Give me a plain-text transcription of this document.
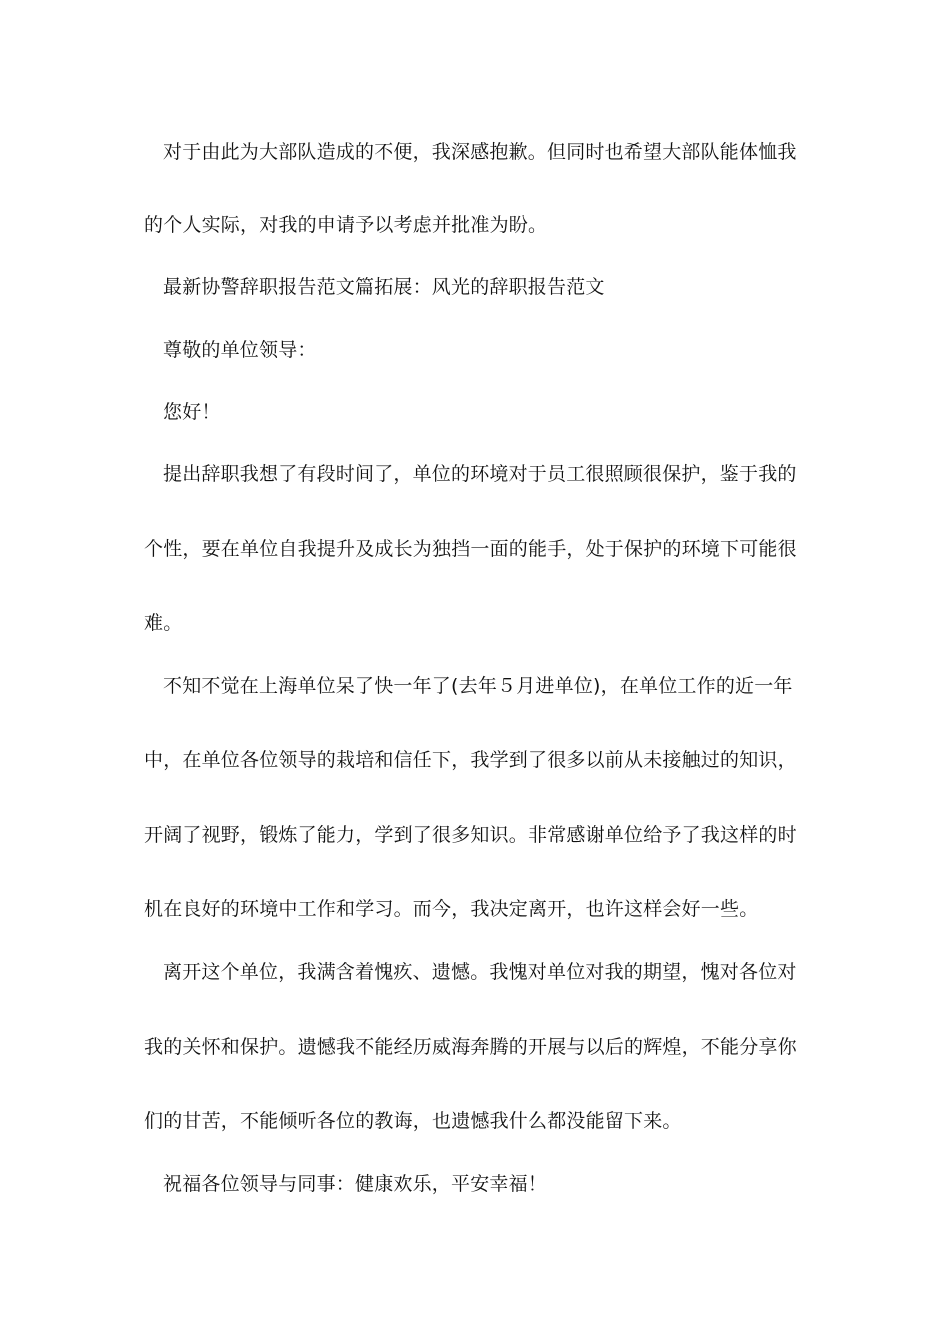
对于由此为大部队造成的不便，我深感抱歉。但同时也希望大部队能体恤我
的个人实际，对我的申请予以考虑并批准为盼。
最新协警辞职报告范文篇拓展：风光的辞职报告范文
尊敬的单位领导：
您好！
提出辞职我想了有段时间了，单位的环境对于员工很照顾很保护，鉴于我的
个性，要在单位自我提升及成长为独挡一面的能手，处于保护的环境下可能很
难。
不知不觉在上海单位呆了快一年了(去年５月进单位)，在单位工作的近一年
中，在单位各位领导的栽培和信任下，我学到了很多以前从未接触过的知识，
开阔了视野，锻炼了能力，学到了很多知识。非常感谢单位给予了我这样的时
机在良好的环境中工作和学习。而今，我决定离开，也许这样会好一些。
离开这个单位，我满含着愧疚、遗憾。我愧对单位对我的期望，愧对各位对
我的关怀和保护。遗憾我不能经历威海奔腾的开展与以后的辉煌，不能分享你
们的甘苦，不能倾听各位的教诲，也遗憾我什么都没能留下来。
祝福各位领导与同事：健康欢乐，平安幸福！
